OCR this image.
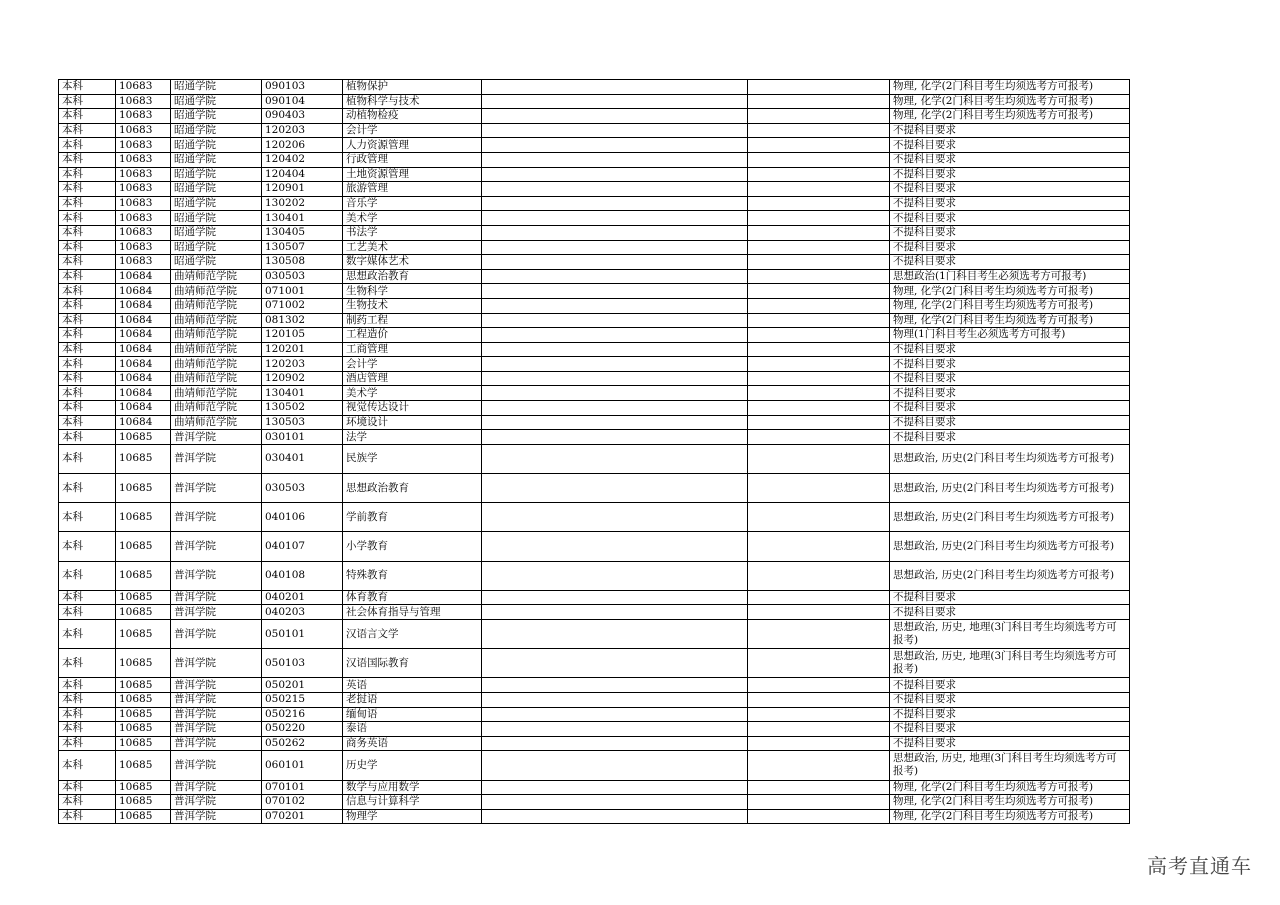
本科	10683	昭通学院	090103	植物保护			物理, 化学(2门科目考生均须选考方可报考)
本科	10683	昭通学院	090104	植物科学与技术			物理, 化学(2门科目考生均须选考方可报考)
本科	10683	昭通学院	090403	动植物检疫			物理, 化学(2门科目考生均须选考方可报考)
本科	10683	昭通学院	120203	会计学			不提科目要求
本科	10683	昭通学院	120206	人力资源管理			不提科目要求
本科	10683	昭通学院	120402	行政管理			不提科目要求
本科	10683	昭通学院	120404	土地资源管理			不提科目要求
本科	10683	昭通学院	120901	旅游管理			不提科目要求
本科	10683	昭通学院	130202	音乐学			不提科目要求
本科	10683	昭通学院	130401	美术学			不提科目要求
本科	10683	昭通学院	130405	书法学			不提科目要求
本科	10683	昭通学院	130507	工艺美术			不提科目要求
本科	10683	昭通学院	130508	数字媒体艺术			不提科目要求
本科	10684	曲靖师范学院	030503	思想政治教育			思想政治(1门科目考生必须选考方可报考)
本科	10684	曲靖师范学院	071001	生物科学			物理, 化学(2门科目考生均须选考方可报考)
本科	10684	曲靖师范学院	071002	生物技术			物理, 化学(2门科目考生均须选考方可报考)
本科	10684	曲靖师范学院	081302	制药工程			物理, 化学(2门科目考生均须选考方可报考)
本科	10684	曲靖师范学院	120105	工程造价			物理(1门科目考生必须选考方可报考)
本科	10684	曲靖师范学院	120201	工商管理			不提科目要求
本科	10684	曲靖师范学院	120203	会计学			不提科目要求
本科	10684	曲靖师范学院	120902	酒店管理			不提科目要求
本科	10684	曲靖师范学院	130401	美术学			不提科目要求
本科	10684	曲靖师范学院	130502	视觉传达设计			不提科目要求
本科	10684	曲靖师范学院	130503	环境设计			不提科目要求
本科	10685	普洱学院	030101	法学			不提科目要求
本科	10685	普洱学院	030401	民族学			思想政治, 历史(2门科目考生均须选考方可报考)
本科	10685	普洱学院	030503	思想政治教育			思想政治, 历史(2门科目考生均须选考方可报考)
本科	10685	普洱学院	040106	学前教育			思想政治, 历史(2门科目考生均须选考方可报考)
本科	10685	普洱学院	040107	小学教育			思想政治, 历史(2门科目考生均须选考方可报考)
本科	10685	普洱学院	040108	特殊教育			思想政治, 历史(2门科目考生均须选考方可报考)
本科	10685	普洱学院	040201	体育教育			不提科目要求
本科	10685	普洱学院	040203	社会体育指导与管理			不提科目要求
本科	10685	普洱学院	050101	汉语言文学			思想政治, 历史, 地理(3门科目考生均须选考方可报考)
本科	10685	普洱学院	050103	汉语国际教育			思想政治, 历史, 地理(3门科目考生均须选考方可报考)
本科	10685	普洱学院	050201	英语			不提科目要求
本科	10685	普洱学院	050215	老挝语			不提科目要求
本科	10685	普洱学院	050216	缅甸语			不提科目要求
本科	10685	普洱学院	050220	泰语			不提科目要求
本科	10685	普洱学院	050262	商务英语			不提科目要求
本科	10685	普洱学院	060101	历史学			思想政治, 历史, 地理(3门科目考生均须选考方可报考)
本科	10685	普洱学院	070101	数学与应用数学			物理, 化学(2门科目考生均须选考方可报考)
本科	10685	普洱学院	070102	信息与计算科学			物理, 化学(2门科目考生均须选考方可报考)
本科	10685	普洱学院	070201	物理学			物理, 化学(2门科目考生均须选考方可报考)
高考直通车
